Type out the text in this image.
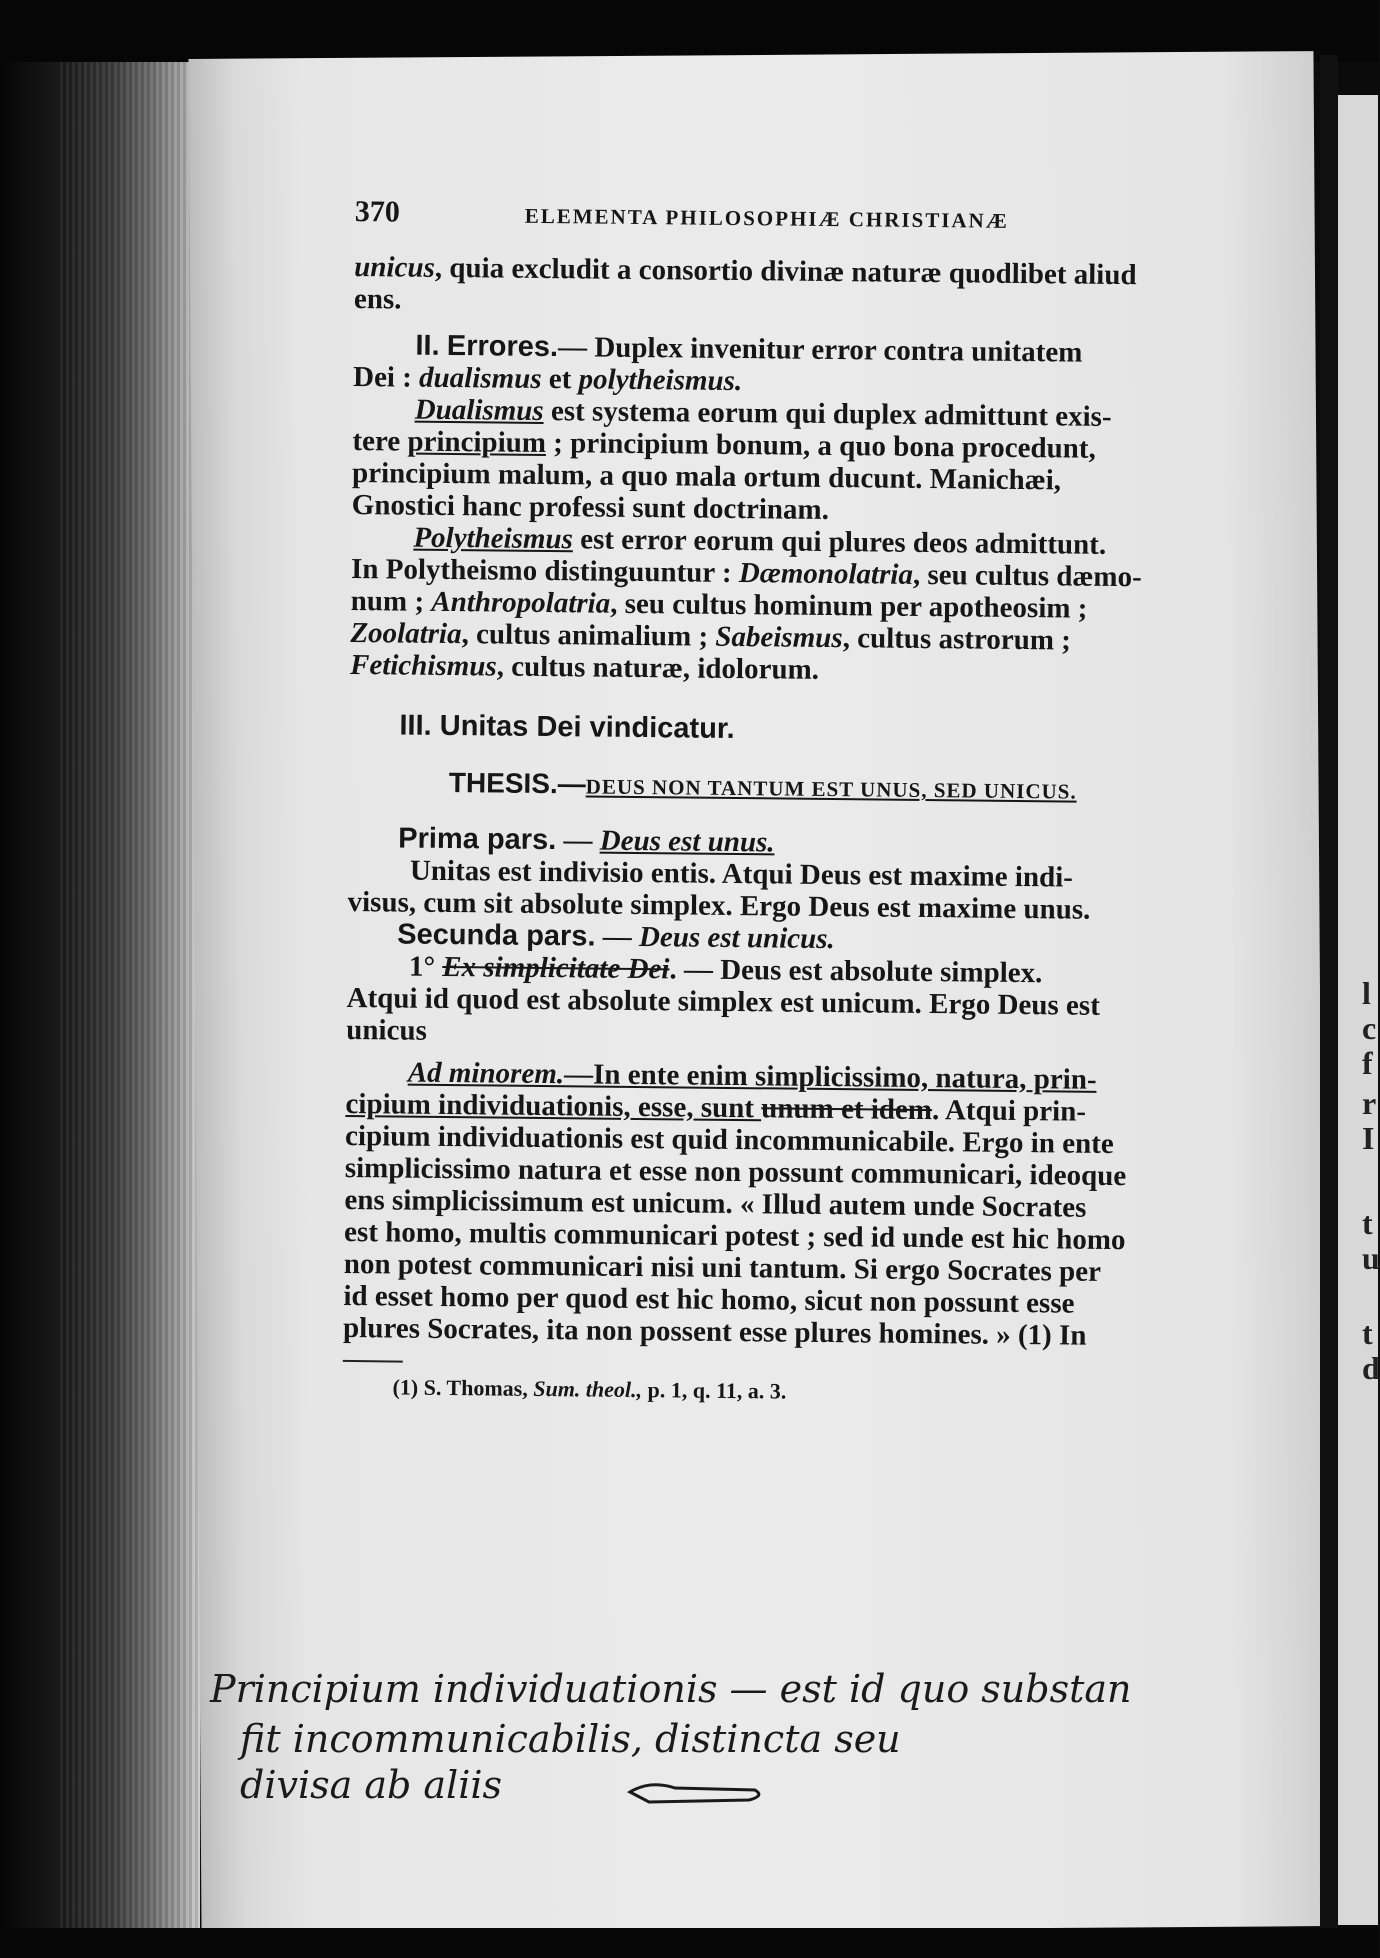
l
c
f
r
I
t
u
t
d
370	ELEMENTA PHILOSOPHIÆ CHRISTIANÆ

unicus, quia excludit a consortio divinæ naturæ quodlibet aliud

ens.

II. Errores.— Duplex invenitur error contra unitatem

Dei : dualismus et polytheismus.

Dualismus est systema eorum qui duplex admittunt exis-

tere principium ; principium bonum, a quo bona procedunt,

principium malum, a quo mala ortum ducunt. Manichæi,

Gnostici hanc professi sunt doctrinam.

Polytheismus est error eorum qui plures deos admittunt.

In Polytheismo distinguuntur : Dæmonolatria, seu cultus dæmo-

num ; Anthropolatria, seu cultus hominum per apotheosim ;

Zoolatria, cultus animalium ; Sabeismus, cultus astrorum ;

Fetichismus, cultus naturæ, idolorum.

III. Unitas Dei vindicatur.
THESIS.—DEUS NON TANTUM EST UNUS, SED UNICUS.

Prima pars. — Deus est unus.

Unitas est indivisio entis. Atqui Deus est maxime indi-

visus, cum sit absolute simplex. Ergo Deus est maxime unus.

Secunda pars. — Deus est unicus.

1° Ex simplicitate Dei. — Deus est absolute simplex.

Atqui id quod est absolute simplex est unicum. Ergo Deus est

unicus

Ad minorem.—In ente enim simplicissimo, natura, prin-

cipium individuationis, esse, sunt unum et idem. Atqui prin-

cipium individuationis est quid incommunicabile. Ergo in ente

simplicissimo natura et esse non possunt communicari, ideoque

ens simplicissimum est unicum. « Illud autem unde Socrates

est homo, multis communicari potest ; sed id unde est hic homo

non potest communicari nisi uni tantum. Si ergo Socrates per

id esset homo per quod est hic homo, sicut non possunt esse

plures Socrates, ita non possent esse plures homines. » (1) In

(1) S. Thomas, Sum. theol., p. 1, q. 11, a. 3.
Principium individuationis — est id quo substan
fit incommunicabilis, distincta seu
divisa ab aliis
